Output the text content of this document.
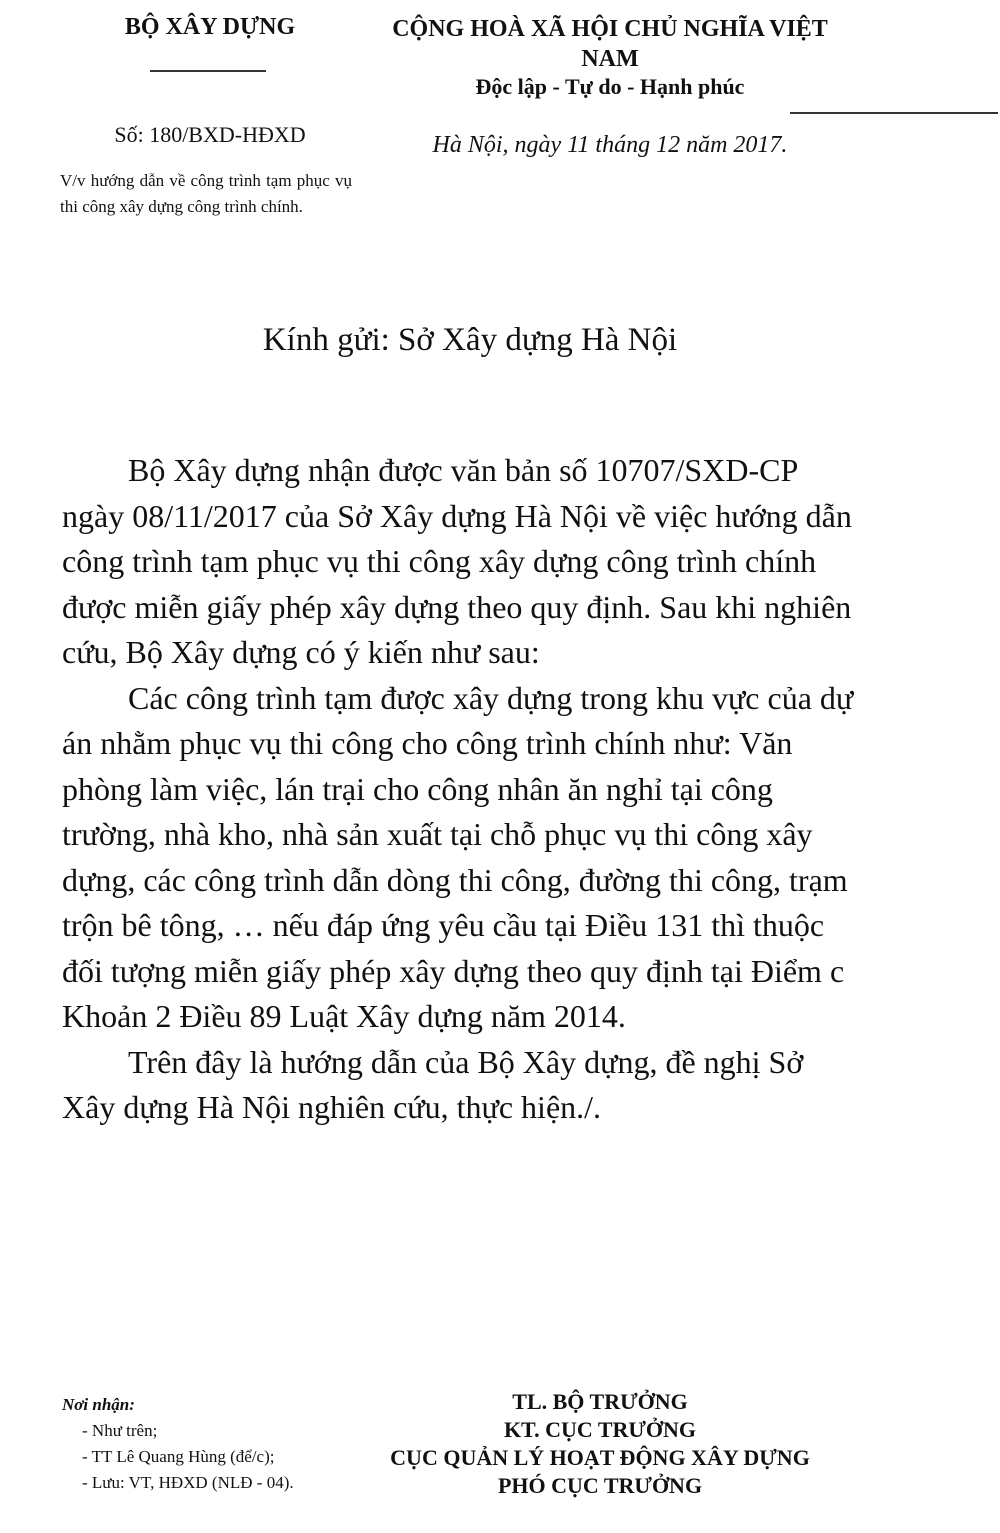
BỘ XÂY DỰNG
Số: 180/BXD-HĐXD
V/v hướng dẫn về công trình tạm phục vụ thi công xây dựng công trình chính.
CỘNG HOÀ XÃ HỘI CHỦ NGHĨA VIỆT
NAM
Độc lập - Tự do - Hạnh phúc
Hà Nội, ngày 11 tháng 12 năm 2017.
Kính gửi: Sở Xây dựng Hà Nội

Bộ Xây dựng nhận được văn bản số 10707/SXD-CP ngày 08/11/2017 của Sở Xây dựng Hà Nội về việc hướng dẫn công trình tạm phục vụ thi công xây dựng công trình chính được miễn giấy phép xây dựng theo quy định. Sau khi nghiên cứu, Bộ Xây dựng có ý kiến như sau:

Các công trình tạm được xây dựng trong khu vực của dự án nhằm phục vụ thi công cho công trình chính như: Văn phòng làm việc, lán trại cho công nhân ăn nghỉ tại công trường, nhà kho, nhà sản xuất tại chỗ phục vụ thi công xây dựng, các công trình dẫn dòng thi công, đường thi công, trạm trộn bê tông, … nếu đáp ứng yêu cầu tại Điều 131 thì thuộc đối tượng miễn giấy phép xây dựng theo quy định tại Điểm c Khoản 2 Điều 89 Luật Xây dựng năm 2014.

Trên đây là hướng dẫn của Bộ Xây dựng, đề nghị Sở Xây dựng Hà Nội nghiên cứu, thực hiện./.

Nơi nhận:
- Như trên;
- TT Lê Quang Hùng (để/c);
- Lưu: VT, HĐXD (NLĐ - 04).
TL. BỘ TRƯỞNG
KT. CỤC TRƯỞNG
CỤC QUẢN LÝ HOẠT ĐỘNG XÂY DỰNG
PHÓ CỤC TRƯỞNG
